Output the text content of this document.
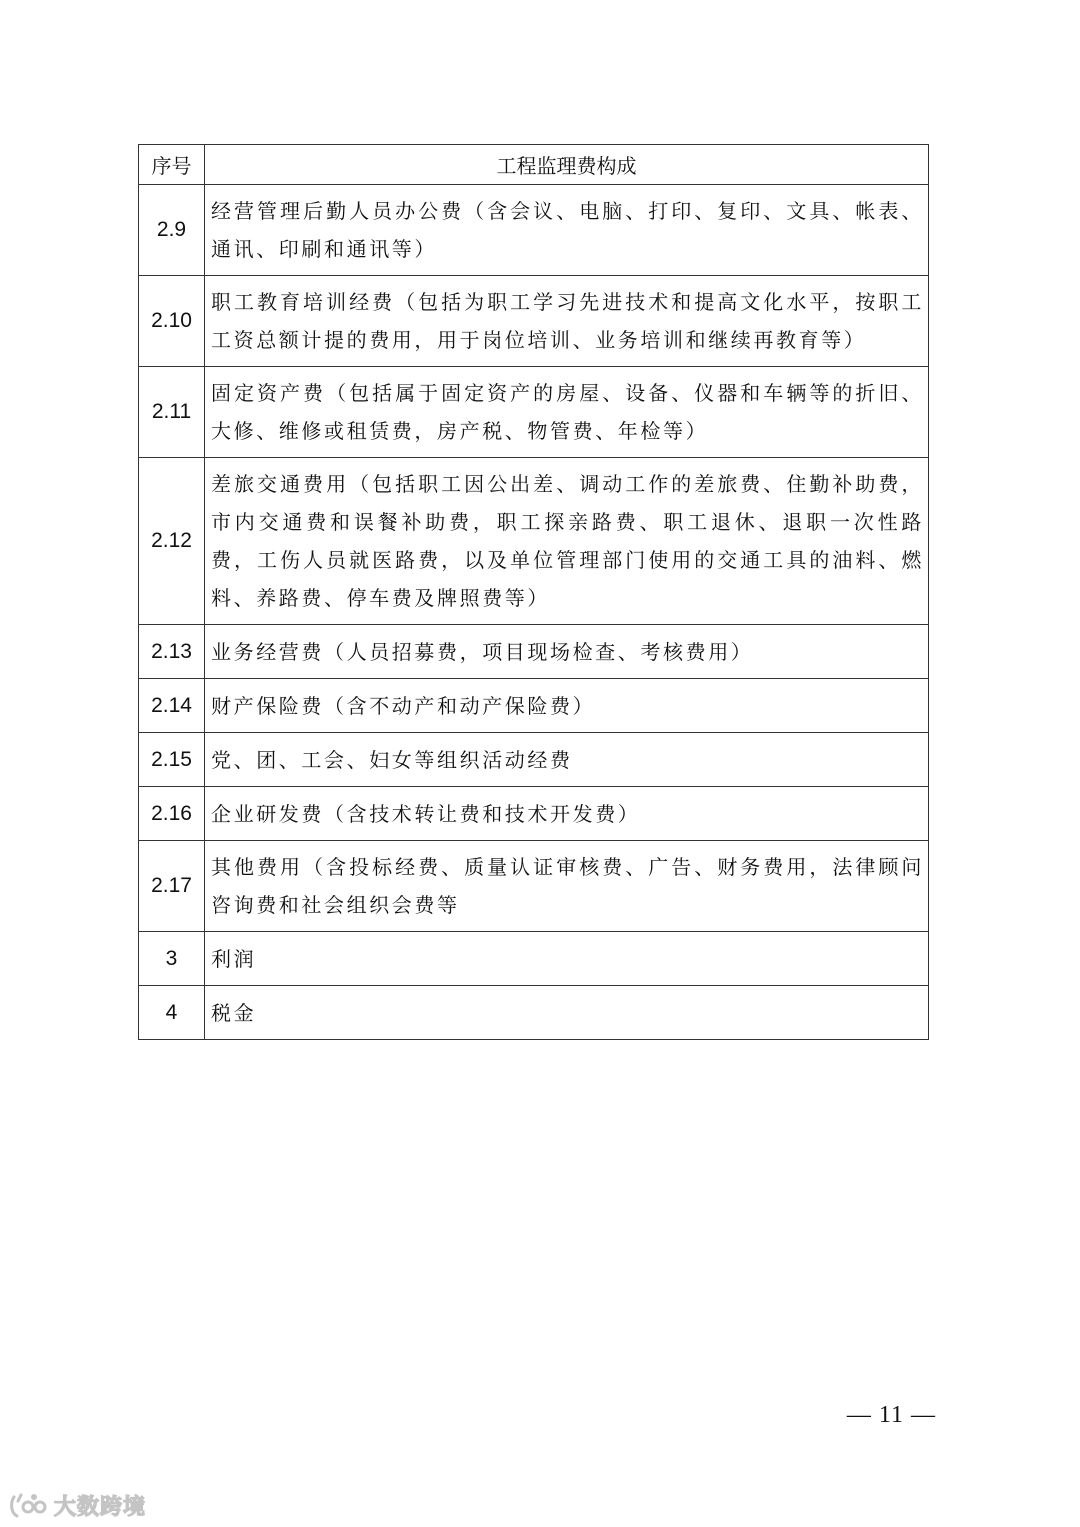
序号	工程监理费构成
2.9	经营管理后勤人员办公费（含会议、电脑、打印、复印、文具、帐表、通讯、印刷和通讯等）
2.10	职工教育培训经费（包括为职工学习先进技术和提高文化水平，按职工工资总额计提的费用，用于岗位培训、业务培训和继续再教育等）
2.11	固定资产费（包括属于固定资产的房屋、设备、仪器和车辆等的折旧、大修、维修或租赁费，房产税、物管费、年检等）
2.12	差旅交通费用（包括职工因公出差、调动工作的差旅费、住勤补助费，市内交通费和误餐补助费，职工探亲路费、职工退休、退职一次性路费，工伤人员就医路费，以及单位管理部门使用的交通工具的油料、燃料、养路费、停车费及牌照费等）
2.13	业务经营费（人员招募费，项目现场检查、考核费用）
2.14	财产保险费（含不动产和动产保险费）
2.15	党、团、工会、妇女等组织活动经费
2.16	企业研发费（含技术转让费和技术开发费）
2.17	其他费用（含投标经费、质量认证审核费、广告、财务费用，法律顾问咨询费和社会组织会费等
3	利润
4	税金
— 11 —
大数跨境
